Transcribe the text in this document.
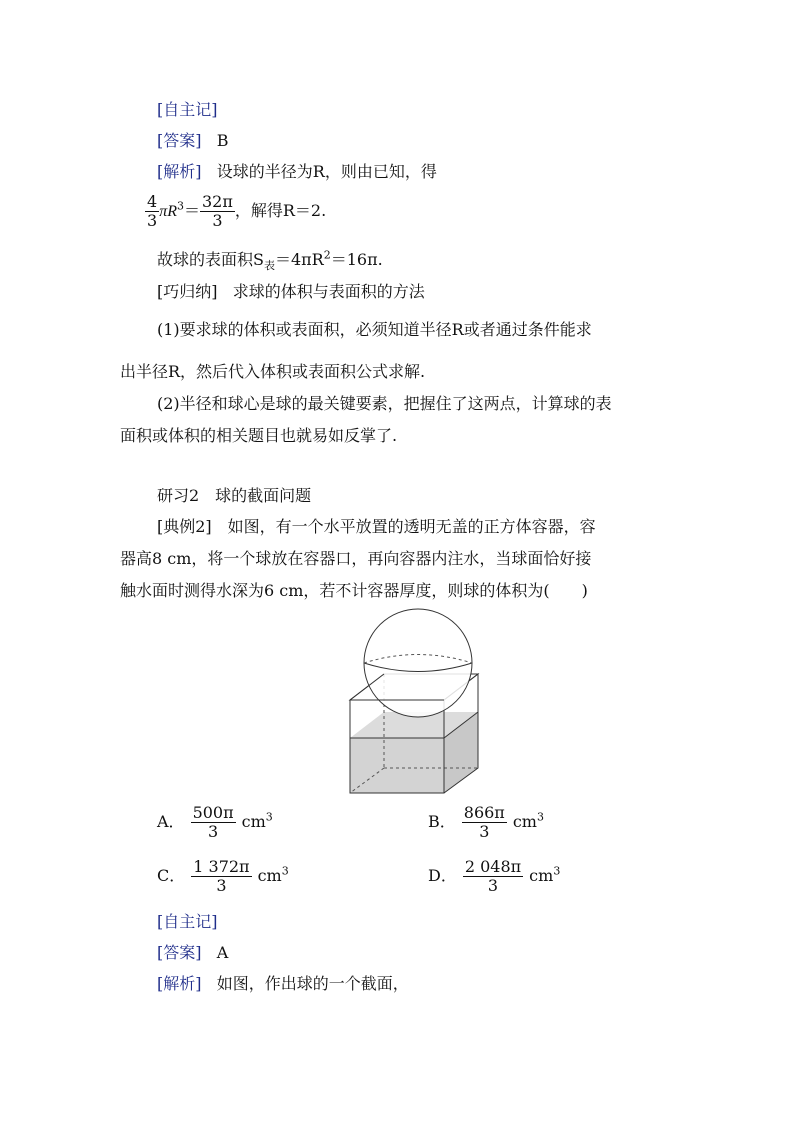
[自主记]
[答案] B
[解析] 设球的半径为R，则由已知，得
$\frac{4}{3} \pi R^3= \frac{32\pi}{3}$ ，解得R＝2.
故球的表面积$S_表=4\pi R^2=16\pi$.
[巧归纳] 求球的体积与表面积的方法
(1)要求球的体积或表面积，必须知道半径R或者通过条件能求
出半径R，然后代入体积或表面积公式求解.
(2)半径和球心是球的最关键要素，把握住了这两点，计算球的表
面积或体积的相关题目也就易如反掌了.
研习2　球的截面问题
[典例2]　如图，有一个水平放置的透明无盖的正方体容器，容
器高8 cm，将一个球放在容器口，再向容器内注水，当球面恰好接
触水面时测得水深为6 cm，若不计容器厚度，则球的体积为(　　)
A． $\frac{500\pi}{3} cm^3$	B． $\frac{866\pi}{3} cm^3$
C． $\frac{1 372\pi}{3} cm^3$	D． $\frac{2 048\pi}{3} cm^3$
[自主记]
[答案] A
[解析] 如图，作出球的一个截面，
